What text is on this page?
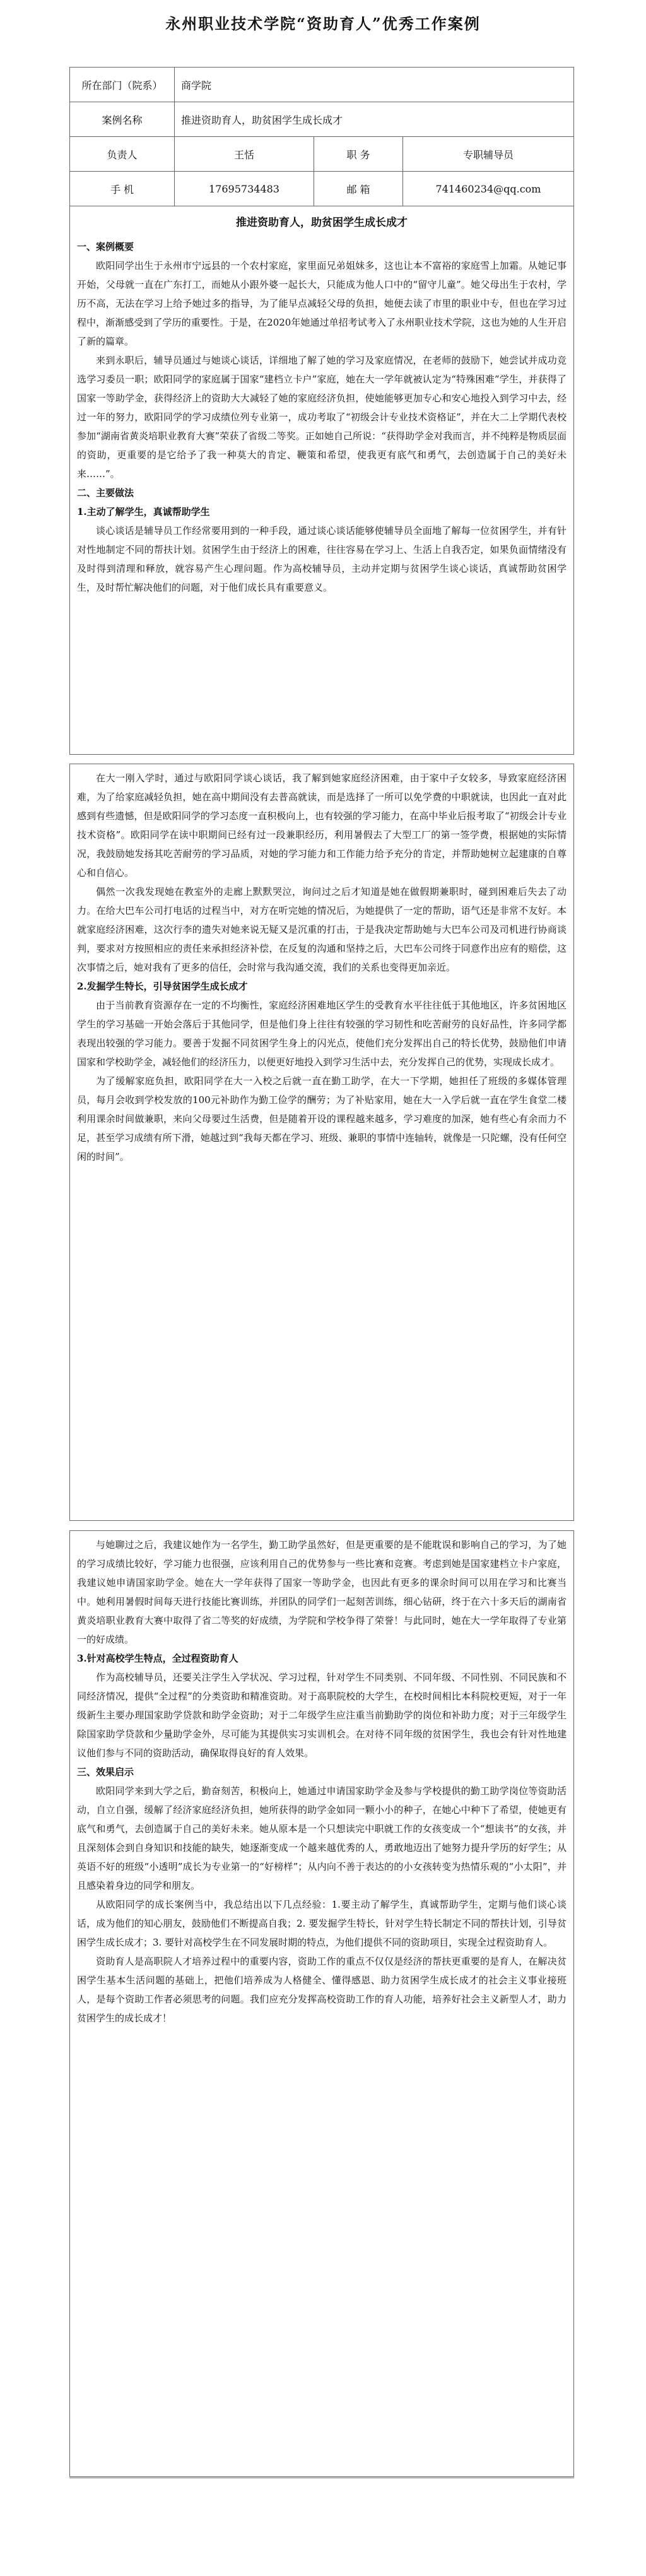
永州职业技术学院“资助育人”优秀工作案例
所在部门（院系）	商学院		
案例名称	推进资助育人，助贫困学生成长成才		
负责人	王恬	职 务	专职辅导员
手 机	17695734483	邮 箱	741460234@qq.com
推进资助育人，助贫困学生成长成才
一、案例概要

欧阳同学出生于永州市宁远县的一个农村家庭，家里面兄弟姐妹多，这也让本不富裕的家庭雪上加霜。从她记事开始，父母就一直在广东打工，而她从小跟外婆一起长大，只能成为他人口中的“留守儿童”。她父母出生于农村，学历不高，无法在学习上给予她过多的指导，为了能早点减轻父母的负担，她便去读了市里的职业中专，但也在学习过程中，渐渐感受到了学历的重要性。于是，在2020年她通过单招考试考入了永州职业技术学院，这也为她的人生开启了新的篇章。

来到永职后，辅导员通过与她谈心谈话，详细地了解了她的学习及家庭情况，在老师的鼓励下，她尝试并成功竞选学习委员一职；欧阳同学的家庭属于国家“建档立卡户”家庭，她在大一学年就被认定为“特殊困难”学生，并获得了国家一等助学金，获得经济上的资助大大减轻了她的家庭经济负担，使她能够更加专心和安心地投入到学习中去，经过一年的努力，欧阳同学的学习成绩位列专业第一，成功考取了“初级会计专业技术资格证”，并在大二上学期代表校参加“湖南省黄炎培职业教育大赛”荣获了省级二等奖。正如她自己所说：“获得助学金对我而言，并不纯粹是物质层面的资助，更重要的是它给予了我一种莫大的肯定、鞭策和希望，使我更有底气和勇气，去创造属于自己的美好未来……”。

二、主要做法
1.主动了解学生，真诚帮助学生

谈心谈话是辅导员工作经常要用到的一种手段，通过谈心谈话能够使辅导员全面地了解每一位贫困学生，并有针对性地制定不同的帮扶计划。贫困学生由于经济上的困难，往往容易在学习上、生活上自我否定，如果负面情绪没有及时得到清理和释放，就容易产生心理问题。作为高校辅导员，主动并定期与贫困学生谈心谈话，真诚帮助贫困学生，及时帮忙解决他们的问题，对于他们成长具有重要意义。

在大一刚入学时，通过与欧阳同学谈心谈话，我了解到她家庭经济困难，由于家中子女较多，导致家庭经济困难，为了给家庭减轻负担，她在高中期间没有去普高就读，而是选择了一所可以免学费的中职就读，也因此一直对此感到有些遗憾，但是欧阳同学的学习态度一直积极向上，也有较强的学习能力，在高中毕业后报考取了“初级会计专业技术资格”。欧阳同学在读中职期间已经有过一段兼职经历，利用暑假去了大型工厂的第一签学费，根据她的实际情况，我鼓励她发扬其吃苦耐劳的学习品质，对她的学习能力和工作能力给予充分的肯定，并帮助她树立起建康的自尊心和自信心。

偶然一次我发现她在教室外的走廊上默默哭泣，询问过之后才知道是她在做假期兼职时，碰到困难后失去了动力。在给大巴车公司打电话的过程当中，对方在听完她的情况后，为她提供了一定的帮助，语气还是非常不友好。本就家庭经济困难，这次行李的遗失对她来说无疑又是沉重的打击，于是我决定帮助她与大巴车公司及司机进行协商谈判，要求对方按照相应的责任来承担经济补偿，在反复的沟通和坚持之后，大巴车公司终于同意作出应有的赔偿，这次事情之后，她对我有了更多的信任，会时常与我沟通交流，我们的关系也变得更加亲近。

2.发掘学生特长，引导贫困学生成长成才

由于当前教育资源存在一定的不均衡性，家庭经济困难地区学生的受教育水平往往低于其他地区，许多贫困地区学生的学习基础一开始会落后于其他同学，但是他们身上往往有较强的学习韧性和吃苦耐劳的良好品性，许多同学都表现出较强的学习能力。要善于发掘不同贫困学生身上的闪光点，使他们充分发挥出自己的特长优势，鼓励他们申请国家和学校助学金，减轻他们的经济压力，以便更好地投入到学习生活中去，充分发挥自己的优势，实现成长成才。

为了缓解家庭负担，欧阳同学在大一入校之后就一直在勤工助学，在大一下学期，她担任了班级的多媒体管理员，每月会收到学校发放的100元补助作为勤工俭学的酬劳；为了补贴家用，她在大一入学后就一直在学生食堂二楼利用课余时间做兼职，来向父母要过生活费，但是随着开设的课程越来越多，学习难度的加深，她有些心有余而力不足，甚至学习成绩有所下滑，她越过到“我每天都在学习、班级、兼职的事情中连轴转，就像是一只陀螺，没有任何空闲的时间”。

与她聊过之后，我建议她作为一名学生，勤工助学虽然好，但是更重要的是不能耽误和影响自己的学习，为了她的学习成绩比较好，学习能力也很强，应该利用自己的优势参与一些比赛和竞赛。考虑到她是国家建档立卡户家庭，我建议她申请国家助学金。她在大一学年获得了国家一等助学金，也因此有更多的课余时间可以用在学习和比赛当中。她利用暑假时间每天进行技能比赛训练，并团队的同学们一起刻苦训练，细心钻研，终于在六十多天后的湖南省黄炎培职业教育大赛中取得了省二等奖的好成绩，为学院和学校争得了荣誉！与此同时，她在大一学年取得了专业第一的好成绩。

3.针对高校学生特点，全过程资助育人

作为高校辅导员，还要关注学生入学状况、学习过程，针对学生不同类别、不同年级、不同性别、不同民族和不同经济情况，提供“全过程”的分类资助和精准资助。对于高职院校的大学生，在校时间相比本科院校更短，对于一年级新生主要办理国家助学贷款和助学金资助；对于二年级学生应注重当前勤助学的岗位和补助力度；对于三年级学生除国家助学贷款和少量助学金外，尽可能为其提供实习实训机会。在对待不同年级的贫困学生，我也会有针对性地建议他们参与不同的资助活动，确保取得良好的育人效果。

三、效果启示

欧阳同学来到大学之后，勤奋刻苦，积极向上，她通过申请国家助学金及参与学校提供的勤工助学岗位等资助活动，自立自强，缓解了经济家庭经济负担，她所获得的助学金如同一颗小小的种子，在她心中种下了希望，使她更有底气和勇气，去创造属于自己的美好未来。她从原本是一个只想读完中职就工作的女孩变成一个“想读书”的女孩，并且深刻体会到自身知识和技能的缺失，她逐渐变成一个越来越优秀的人，勇敢地迈出了她努力提升学历的好学生；从英语不好的班级“小透明”成长为专业第一的“好榜样”；从内向不善于表达的的小女孩转变为热情乐观的“小太阳”，并且感染着身边的同学和朋友。

从欧阳同学的成长案例当中，我总结出以下几点经验：1.要主动了解学生，真诚帮助学生，定期与他们谈心谈话，成为他们的知心朋友，鼓励他们不断提高自我；2. 要发掘学生特长，针对学生特长制定不同的帮扶计划，引导贫困学生成长成才；3. 要针对高校学生在不同发展时期的特点，为他们提供不同的资助项目，实现全过程资助育人。

资助育人是高职院人才培养过程中的重要内容，资助工作的重点不仅仅是经济的帮扶更重要的是育人，在解决贫困学生基本生活问题的基础上，把他们培养成为人格健全、懂得感恩、助力贫困学生成长成才的社会主义事业接班人，是每个资助工作者必须思考的问题。我们应充分发挥高校资助工作的育人功能，培养好社会主义新型人才，助力贫困学生的成长成才！
